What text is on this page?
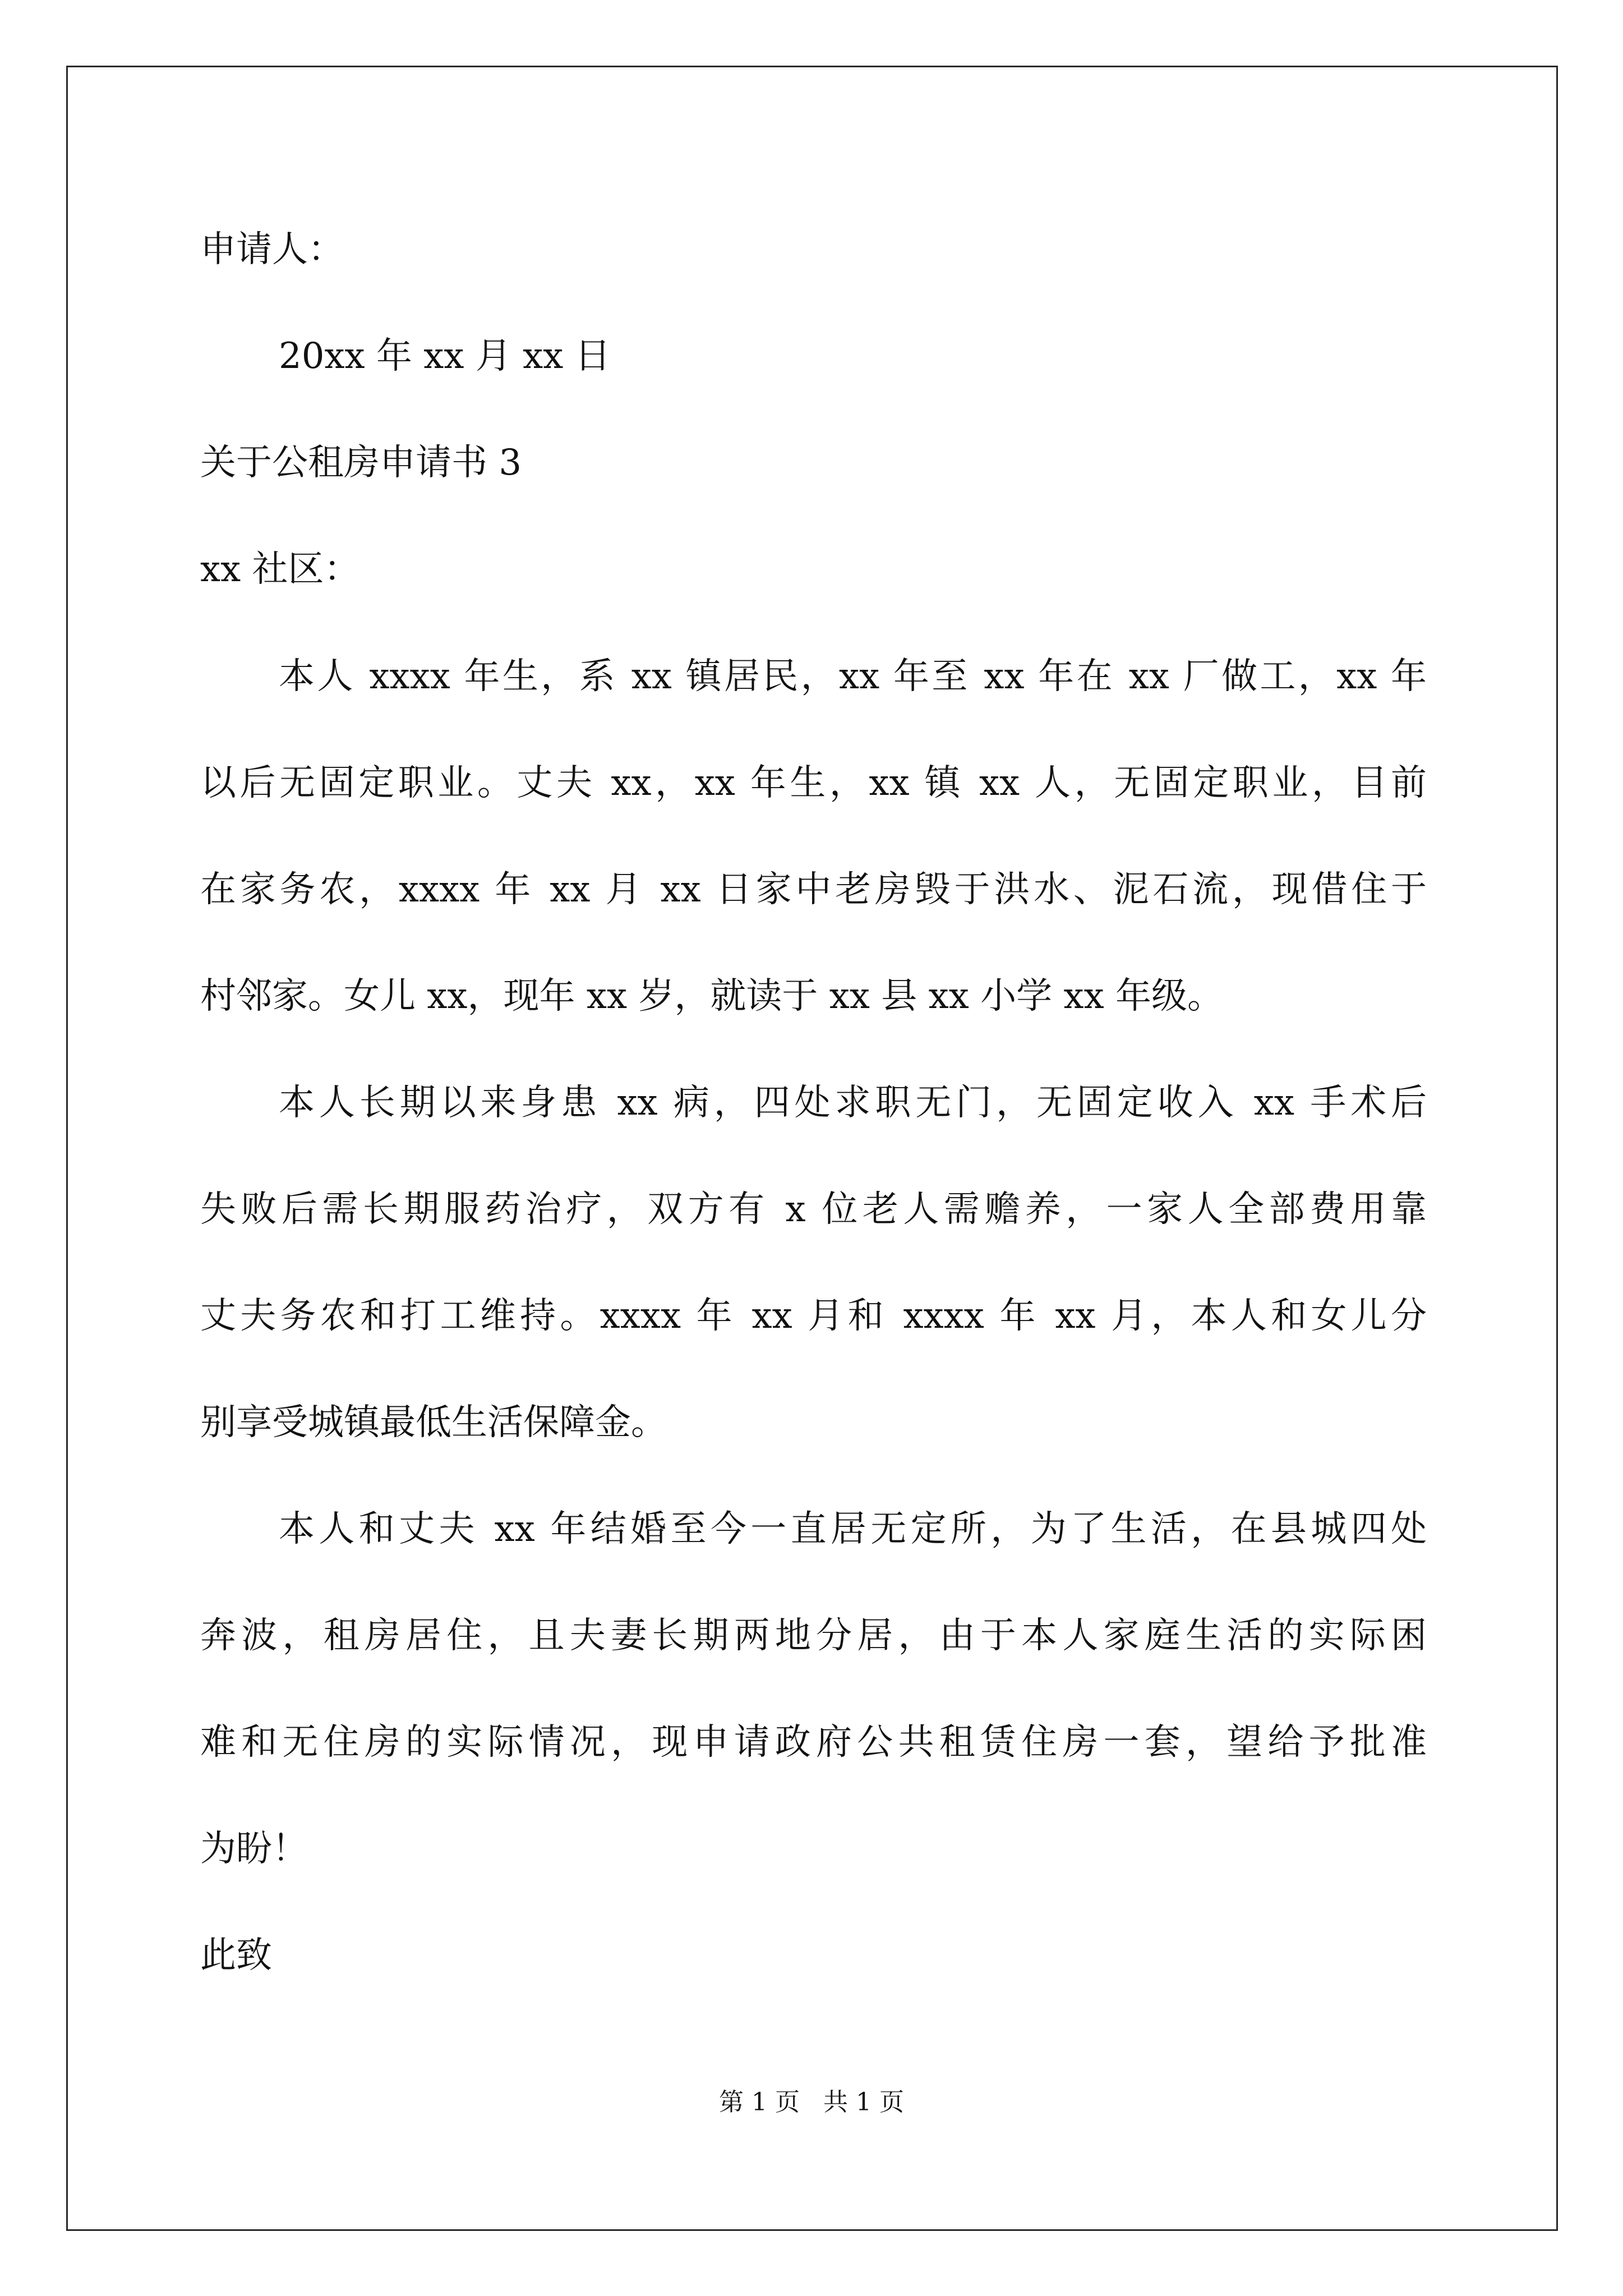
申请人：
20xx 年 xx 月 xx 日
关于公租房申请书 3
xx 社区：
本人 xxxx 年生，系 xx 镇居民，xx 年至 xx 年在 xx 厂做工，xx 年
以后无固定职业。丈夫 xx，xx 年生，xx 镇 xx 人，无固定职业，目前
在家务农，xxxx 年 xx 月 xx 日家中老房毁于洪水、泥石流，现借住于
村邻家。女儿 xx，现年 xx 岁，就读于 xx 县 xx 小学 xx 年级。
本人长期以来身患 xx 病，四处求职无门，无固定收入 xx 手术后
失败后需长期服药治疗，双方有 x 位老人需赡养，一家人全部费用靠
丈夫务农和打工维持。xxxx 年 xx 月和 xxxx 年 xx 月，本人和女儿分
别享受城镇最低生活保障金。
本人和丈夫 xx 年结婚至今一直居无定所，为了生活，在县城四处
奔波，租房居住，且夫妻长期两地分居，由于本人家庭生活的实际困
难和无住房的实际情况，现申请政府公共租赁住房一套，望给予批准
为盼！
此致
第 1 页   共 1 页
